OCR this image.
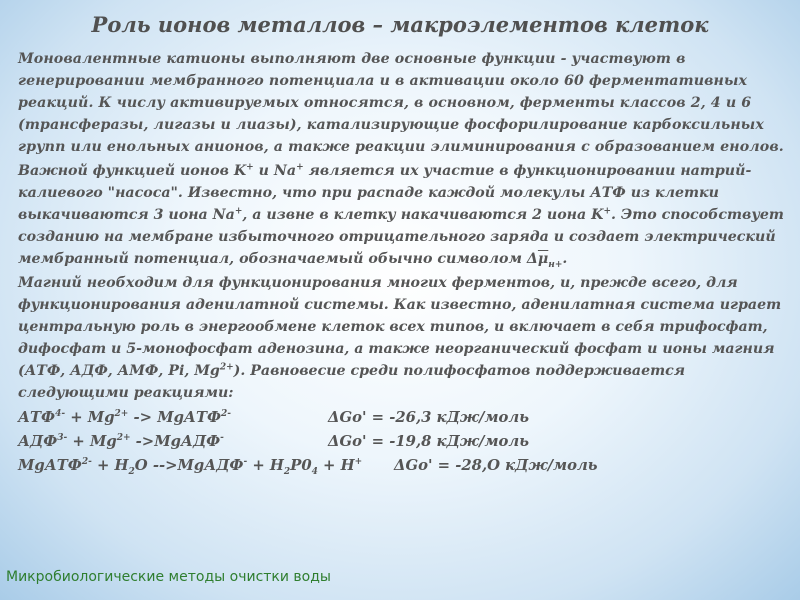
Роль ионов металлов – макроэлементов клеток

Моновалентные катионы выполняют две основные функции - участвуют в генерировании мембранного потенциала и в активации около 60 ферментативных реакций. К числу активируемых относятся, в основном, ферменты классов 2, 4 и 6 (трансферазы, лигазы и лиазы), катализирующие фосфорилирование карбоксильных групп или енольных анионов, а также реакции элиминирования с образованием енолов.

Важной функцией ионов K+ и Na+ является их участие в функционировании натрий-калиевого "насоса". Известно, что при распаде каждой молекулы АТФ из клетки выкачиваются 3 иона Na+, а извне в клетку накачиваются 2 иона K+. Это способствует созданию на мембране избыточного отрицательного заряда и создает электрический мембранный потенциал, обозначаемый обычно символом $\Delta\overline{\mu}_{н+}$.

Магний необходим для функционирования многих ферментов, и, прежде всего, для функционирования аденилатной системы. Как известно, аденилатная система играет центральную роль в энергообмене клеток всех типов, и включает в себя трифосфат, дифосфат и 5-монофосфат аденозина, а также неорганический фосфат и ионы магния (АТФ, АДФ, АМФ, Pi, $Mg^{2+}$). Равновесие среди полифосфатов поддерживается следующими реакциями:

$АТФ^{4-} + Mg^{2+}$ -> MgАТФ$^{2-}$	ΔGo' = -26,3 кДж/моль
$АДФ^{3-} + Mg^{2+}$ ->MgАДФ-	ΔGo' = -19,8 кДж/моль
MgАТФ$^{2-}$ + $H_2O$ -->MgАДФ- + $H_2P0_4 + H^+$ ΔGo' = -28,O кДж/моль
Микробиологические методы очистки воды
